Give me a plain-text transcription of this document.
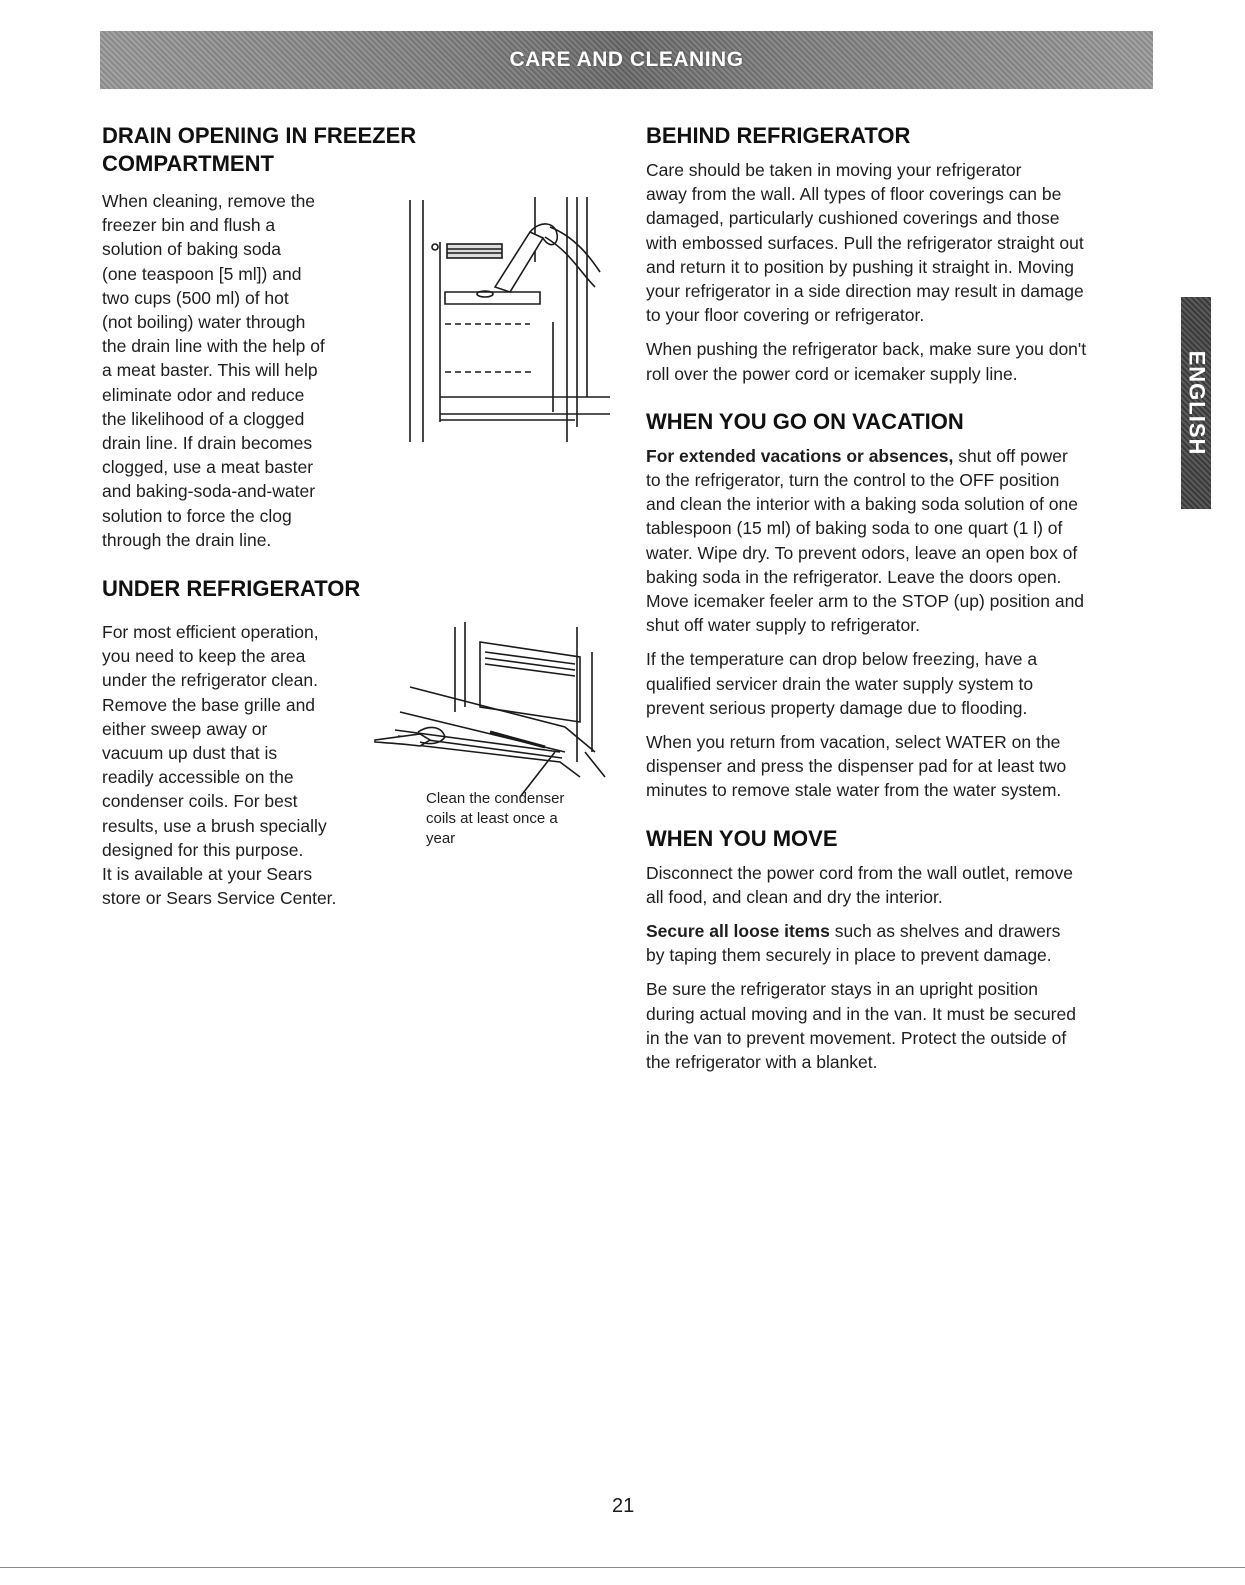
CARE AND CLEANING
ENGLISH
DRAIN OPENING IN FREEZER
COMPARTMENT
When cleaning, remove the
freezer bin and flush a
solution of baking soda
(one teaspoon [5 ml]) and
two cups (500 ml) of hot
(not boiling) water through
the drain line with the help of
a meat baster. This will help
eliminate odor and reduce
the likelihood of a clogged
drain line. If drain becomes
clogged, use a meat baster
and baking-soda-and-water
solution to force the clog
through the drain line.
UNDER REFRIGERATOR
For most efficient operation,
you need to keep the area
under the refrigerator clean.
Remove the base grille and
either sweep away or
vacuum up dust that is
readily accessible on the
condenser coils. For best
results, use a brush specially
designed for this purpose.
It is available at your Sears
store or Sears Service Center.
Clean the condenser
coils at least once a
year
BEHIND REFRIGERATOR
Care should be taken in moving your refrigerator
away from the wall. All types of floor coverings can be
damaged, particularly cushioned coverings and those
with embossed surfaces. Pull the refrigerator straight out
and return it to position by pushing it straight in. Moving
your refrigerator in a side direction may result in damage
to your floor covering or refrigerator.
When pushing the refrigerator back, make sure you don't
roll over the power cord or icemaker supply line.
WHEN YOU GO ON VACATION
For extended vacations or absences, shut off power
to the refrigerator, turn the control to the OFF position
and clean the interior with a baking soda solution of one
tablespoon (15 ml) of baking soda to one quart (1 l) of
water. Wipe dry. To prevent odors, leave an open box of
baking soda in the refrigerator. Leave the doors open.
Move icemaker feeler arm to the STOP (up) position and
shut off water supply to refrigerator.
If the temperature can drop below freezing, have a
qualified servicer drain the water supply system to
prevent serious property damage due to flooding.
When you return from vacation, select WATER on the
dispenser and press the dispenser pad for at least two
minutes to remove stale water from the water system.
WHEN YOU MOVE
Disconnect the power cord from the wall outlet, remove
all food, and clean and dry the interior.
Secure all loose items such as shelves and drawers
by taping them securely in place to prevent damage.
Be sure the refrigerator stays in an upright position
during actual moving and in the van. It must be secured
in the van to prevent movement. Protect the outside of
the refrigerator with a blanket.
21
